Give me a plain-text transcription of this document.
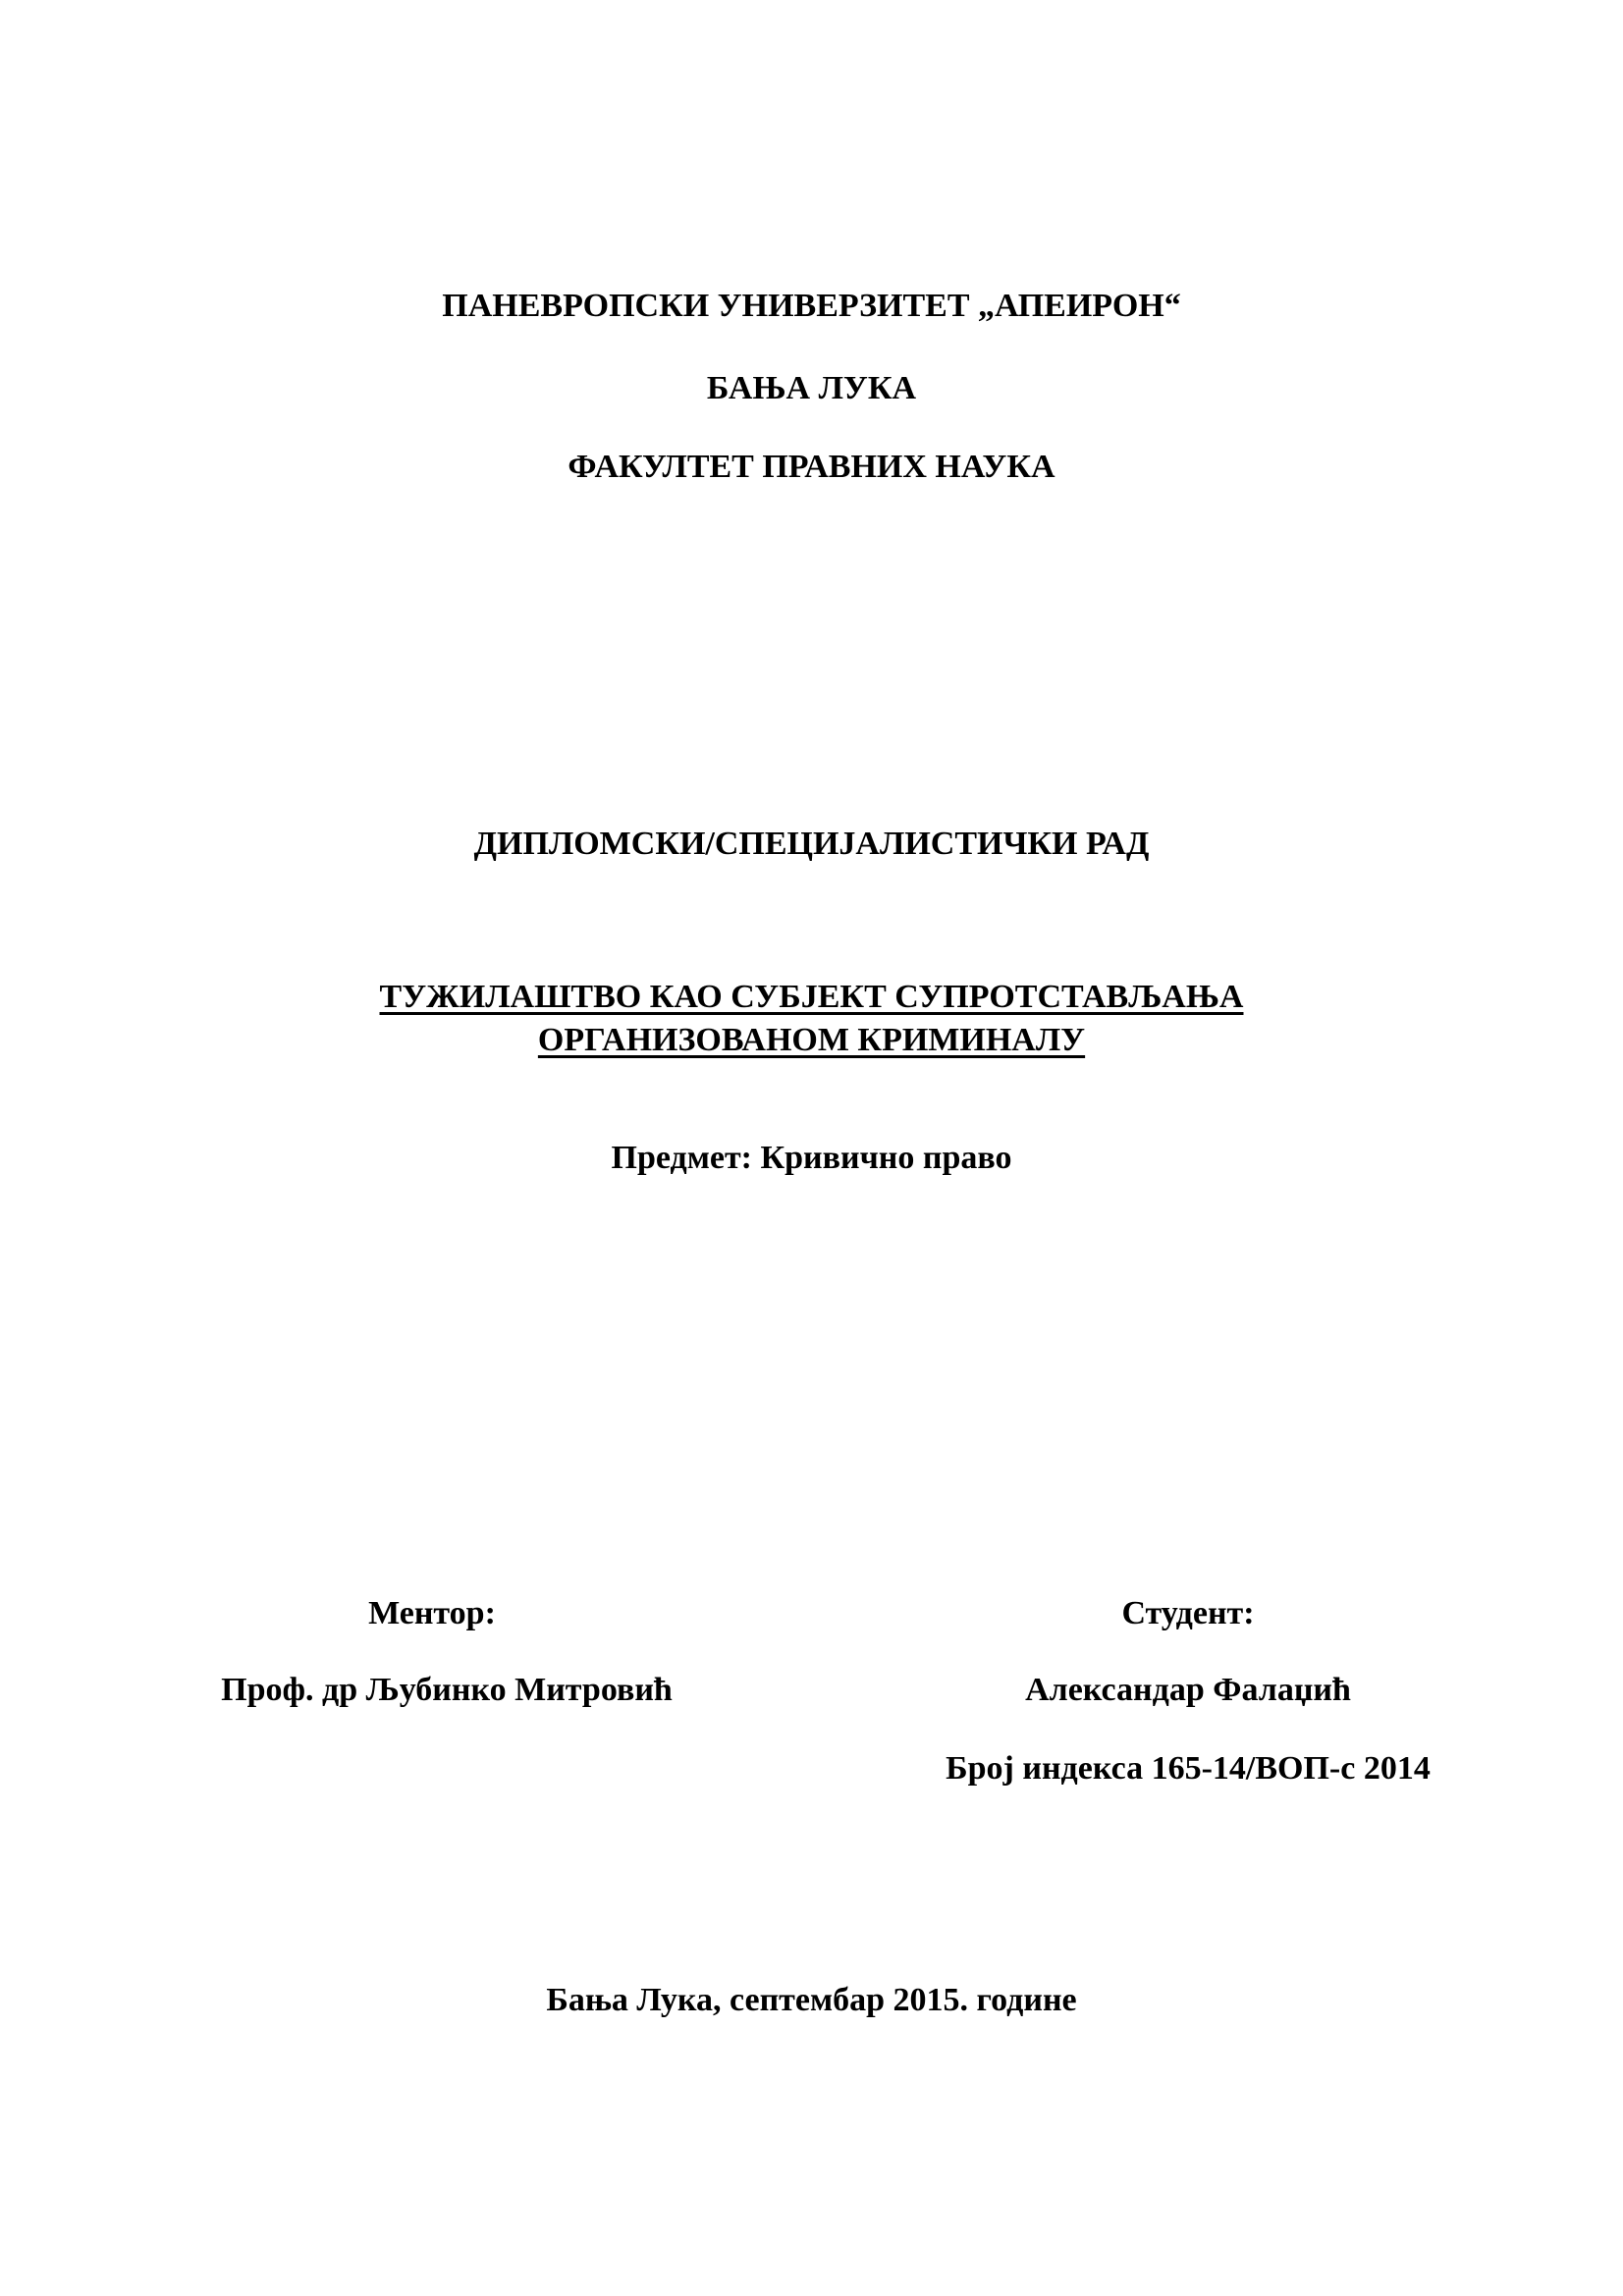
ПАНЕВРОПСКИ УНИВЕРЗИТЕТ „АПЕИРОН“
БАЊА ЛУКА
ФАКУЛТЕТ ПРАВНИХ НАУКА
ДИПЛОМСКИ/СПЕЦИЈАЛИСТИЧКИ РАД
ТУЖИЛАШТВО КАО СУБЈЕКТ СУПРОТСТАВЉАЊА
ОРГАНИЗОВАНОМ КРИМИНАЛУ
Предмет: Кривично право
Ментор:
Проф. др Љубинко Митровић
Студент:
Александар Фалаџић
Број индекса 165-14/ВОП-с 2014
Бања Лука, септембар 2015. године
